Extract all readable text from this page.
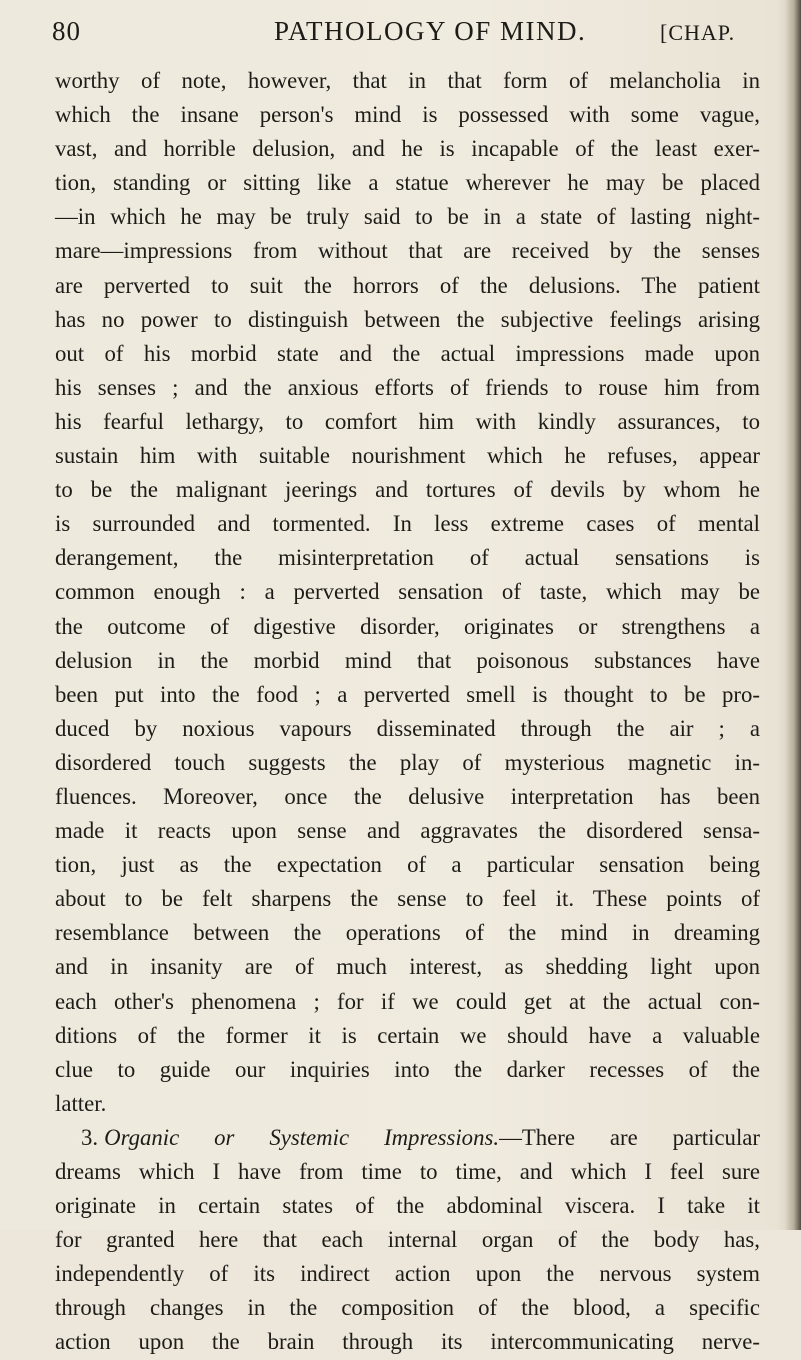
80	PATHOLOGY OF MIND.	[CHAP.
worthy of note, however, that in that form of melancholia in
which the insane person's mind is possessed with some vague,
vast, and horrible delusion, and he is incapable of the least exer-
tion, standing or sitting like a statue wherever he may be placed
—in which he may be truly said to be in a state of lasting night-
mare—impressions from without that are received by the senses
are perverted to suit the horrors of the delusions. The patient
has no power to distinguish between the subjective feelings arising
out of his morbid state and the actual impressions made upon
his senses ; and the anxious efforts of friends to rouse him from
his fearful lethargy, to comfort him with kindly assurances, to
sustain him with suitable nourishment which he refuses, appear
to be the malignant jeerings and tortures of devils by whom he
is surrounded and tormented. In less extreme cases of mental
derangement, the misinterpretation of actual sensations is
common enough : a perverted sensation of taste, which may be
the outcome of digestive disorder, originates or strengthens a
delusion in the morbid mind that poisonous substances have
been put into the food ; a perverted smell is thought to be pro-
duced by noxious vapours disseminated through the air ; a
disordered touch suggests the play of mysterious magnetic in-
fluences. Moreover, once the delusive interpretation has been
made it reacts upon sense and aggravates the disordered sensa-
tion, just as the expectation of a particular sensation being
about to be felt sharpens the sense to feel it. These points of
resemblance between the operations of the mind in dreaming
and in insanity are of much interest, as shedding light upon
each other's phenomena ; for if we could get at the actual con-
ditions of the former it is certain we should have a valuable
clue to guide our inquiries into the darker recesses of the
latter.
3. Organic or Systemic Impressions.—There are particular
dreams which I have from time to time, and which I feel sure
originate in certain states of the abdominal viscera. I take it
for granted here that each internal organ of the body has,
independently of its indirect action upon the nervous system
through changes in the composition of the blood, a specific
action upon the brain through its intercommunicating nerve-
